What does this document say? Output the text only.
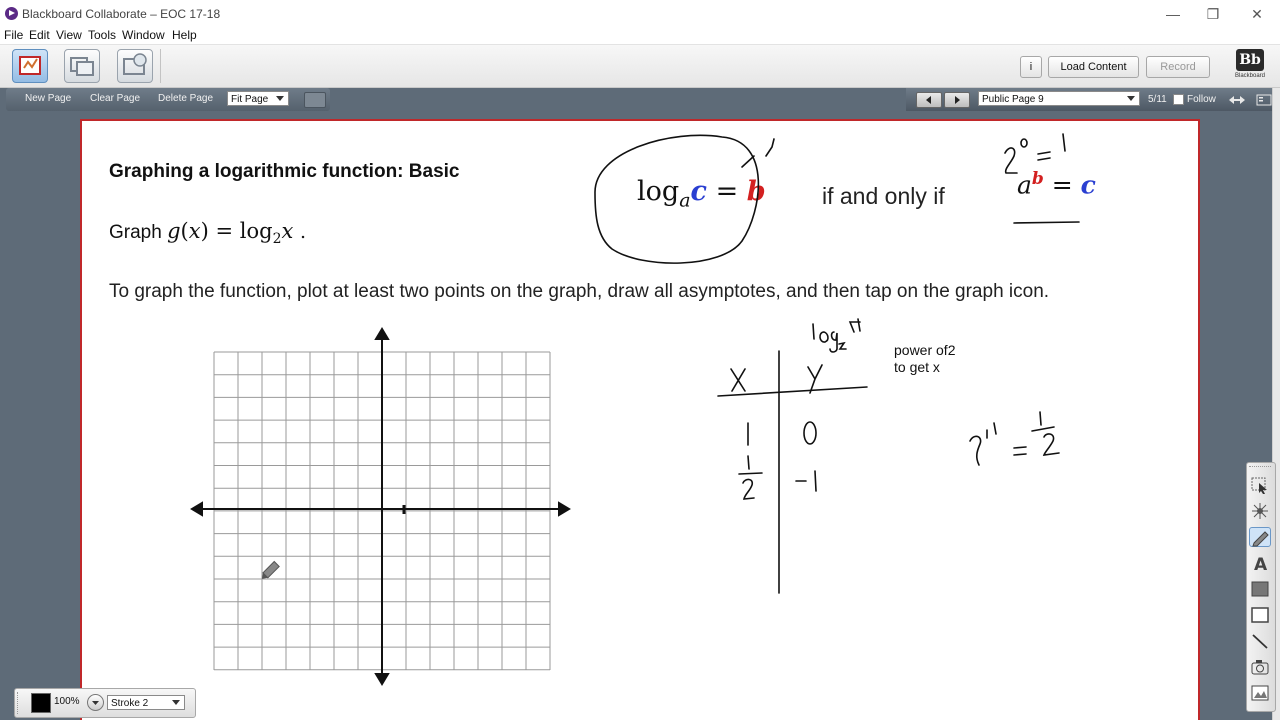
Blackboard Collaborate – EOC 17-18	—	❐	✕
File Edit View Tools Window Help
i	Load Content	Record	Bb
Blackboard
New Page Clear Page Delete Page	Fit Page	Public Page 9	5/11 Follow
Graphing a logarithmic function: Basic
Graph $g(x) = \log_2x$ .
$\log_ac = b$ if and only if	$a^b = c$
To graph the function, plot at least two points on the graph, draw all asymptotes, and then tap on the graph icon.
power of2
to get x
A
100%	Stroke 2
